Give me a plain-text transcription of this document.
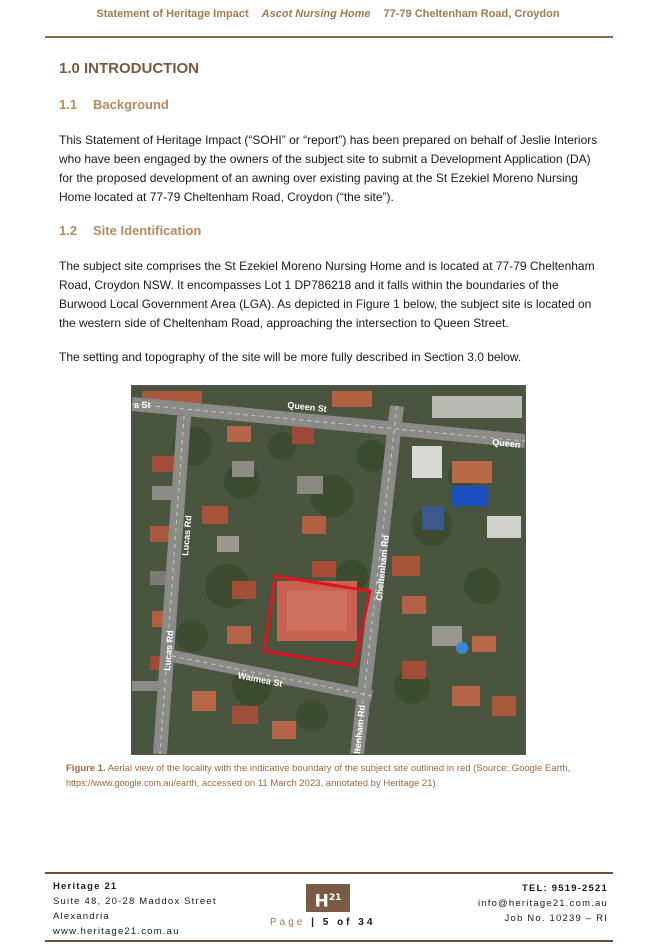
Statement of Heritage Impact Ascot Nursing Home 77-79 Cheltenham Road, Croydon
1.0 INTRODUCTION
1.1 Background

This Statement of Heritage Impact (“SOHI” or “report”) has been prepared on behalf of Jeslie Interiors who have been engaged by the owners of the subject site to submit a Development Application (DA) for the proposed development of an awning over existing paving at the St Ezekiel Moreno Nursing Home located at 77-79 Cheltenham Road, Croydon (“the site”).

1.2 Site Identification

The subject site comprises the St Ezekiel Moreno Nursing Home and is located at 77-79 Cheltenham Road, Croydon NSW. It encompasses Lot 1 DP786218 and it falls within the boundaries of the Burwood Local Government Area (LGA). As depicted in Figure 1 below, the subject site is located on the western side of Cheltenham Road, approaching the intersection to Queen Street.

The setting and topography of the site will be more fully described in Section 3.0 below.

a St	Queen St
Queen
Lucas Rd
Lucas Rd
Cheltenham Rd
ltenham Rd
Waimea St
Figure 1. Aerial view of the locality with the indicative boundary of the subject site outlined in red (Source: Google Earth, https://www.google.com.au/earth, accessed on 11 March 2023, annotated by Heritage 21).
Heritage 21
Suite 48, 20-28 Maddox Street
Alexandria
www.heritage21.com.au
$H^{21}$
Page | 5 of 34
TEL: 9519-2521
info@heritage21.com.au
Job No. 10239 – RI
